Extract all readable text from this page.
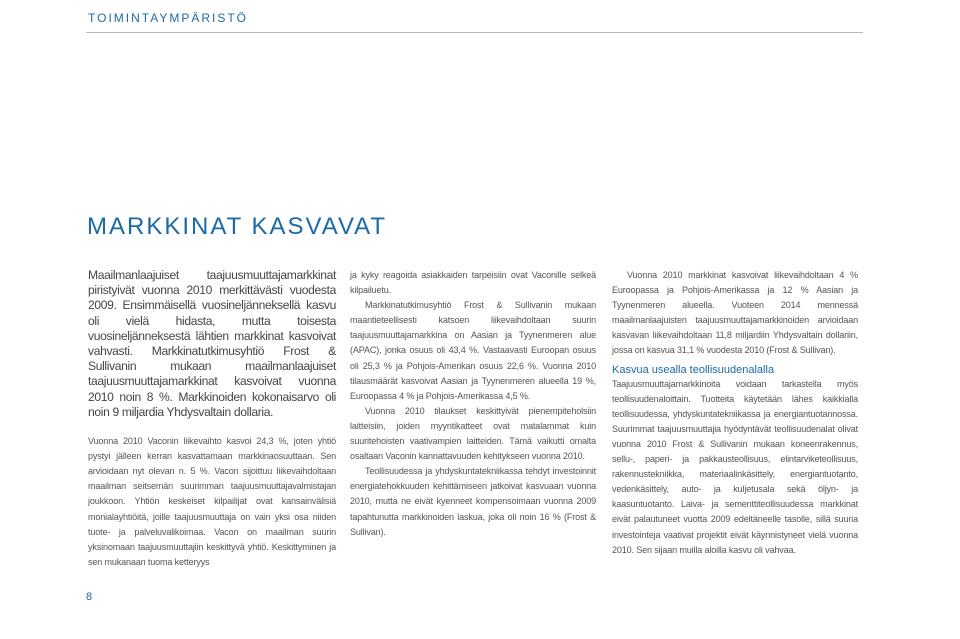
TOIMINTAYMPÄRISTÖ
MARKKINAT KASVAVAT

Maailmanlaajuiset taajuusmuuttajamarkkinat piristyivät vuonna 2010 merkittävästi vuodesta 2009. Ensimmäisellä vuosineljänneksellä kasvu oli vielä hidasta, mutta toisesta vuosineljänneksestä lähtien markkinat kasvoivat vahvasti. Markkinatutkimusyhtiö Frost & Sullivanin mukaan maailmanlaajuiset taajuusmuuttajamarkkinat kasvoivat vuonna 2010 noin 8 %. Markkinoiden kokonaisarvo oli noin 9 miljardia Yhdysvaltain dollaria.

Vuonna 2010 Vaconin liikevaihto kasvoi 24,3 %, joten yhtiö pystyi jälleen kerran kasvattamaan markkinaosuuttaan. Sen arvioidaan nyt olevan n. 5 %. Vacon sijoittuu liikevaihdoltaan maailman seitsemän suurimman taajuusmuuttajavalmistajan joukkoon. Yhtiön keskeiset kilpailijat ovat kansainvälisiä monialayhtiöitä, joille taajuusmuuttaja on vain yksi osa niiden tuote- ja palveluvalikoimaa. Vacon on maailman suurin yksinomaan taajuusmuuttajiin keskittyvä yhtiö. Keskittyminen ja sen mukanaan tuoma ketteryys

ja kyky reagoida asiakkaiden tarpeisiin ovat Vaconille selkeä kilpailuetu.

Markkinatutkimusyhtiö Frost & Sullivanin mukaan maantieteellisesti katsoen liikevaihdoltaan suurin taajuusmuuttajamarkkina on Aasian ja Tyynenmeren alue (APAC), jonka osuus oli 43,4 %. Vastaavasti Euroopan osuus oli 25,3 % ja Pohjois-Amerikan osuus 22,6 %. Vuonna 2010 tilausmäärät kasvoivat Aasian ja Tyynenmeren alueella 19 %, Euroopassa 4 % ja Pohjois-Amerikassa 4,5 %.

Vuonna 2010 tilaukset keskittyivät pienempiteholsiin laitteisiin, joiden myyntikatteet ovat matalammat kuin suuritehoisten vaativampien laitteiden. Tämä vaikutti omalta osaltaan Vaconin kannattavuuden kehitykseen vuonna 2010.

Teollisuudessa ja yhdyskuntatekniikassa tehdyt investoinnit energiatehokkuuden kehittämiseen jatkoivat kasvuaan vuonna 2010, mutta ne eivät kyenneet kompensoimaan vuonna 2009 tapahtunutta markkinoiden laskua, joka oli noin 16 % (Frost & Sullivan).

Vuonna 2010 markkinat kasvoivat liikevaihdoltaan 4 % Euroopassa ja Pohjois-Amerikassa ja 12 % Aasian ja Tyynenmeren alueella. Vuoteen 2014 mennessä maailmanlaajuisten taajuusmuuttajamarkkinoiden arvioidaan kasvavan liikevaihdoltaan 11,8 miljardiin Yhdysvaltain dollariin, jossa on kasvua 31,1 % vuodesta 2010 (Frost & Sullivan).

Kasvua usealla teollisuudenalalla

Taajuusmuuttajamarkkinoita voidaan tarkastella myös teollisuudenaloittain. Tuotteita käytetään lähes kaikkialla teollisuudessa, yhdyskuntatekniikassa ja energiantuotannossa. Suurimmat taajuusmuuttajia hyödyntävät teollisuudenalat olivat vuonna 2010 Frost & Sullivanin mukaan koneenrakennus, sellu-, paperi- ja pakkausteollisuus, elintarviketeollisuus, rakennustekniikka, materiaalinkäsittely, energiantuotanto, vedenkäsittely, auto- ja kuljetusala sekä öljyn- ja kaasuntuotanto. Laiva- ja sementtiteollisuudessa markkinat eivät palautuneet vuotta 2009 edeltäneelle tasolle, sillä suuria investointeja vaativat projektit eivät käynnistyneet vielä vuonna 2010. Sen sijaan muilla aloilla kasvu oli vahvaa.

8
